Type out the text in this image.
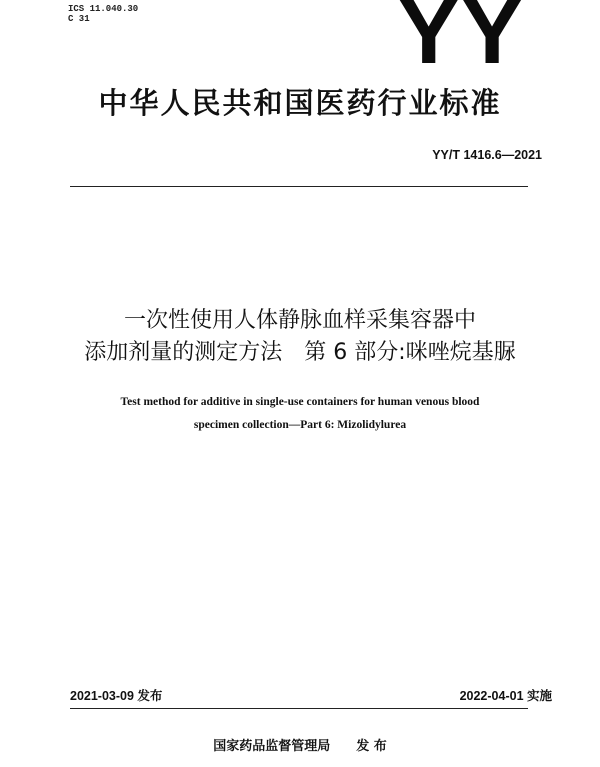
ICS 11.040.30
C 31	YY
中华人民共和国医药行业标准
YY/T 1416.6—2021
一次性使用人体静脉血样采集容器中
添加剂量的测定方法　第 6 部分:咪唑烷基脲
Test method for additive in single-use containers for human venous blood
specimen collection—Part 6: Mizolidylurea
2021-03-09 发布	2022-04-01 实施
国家药品监督管理局 发 布
